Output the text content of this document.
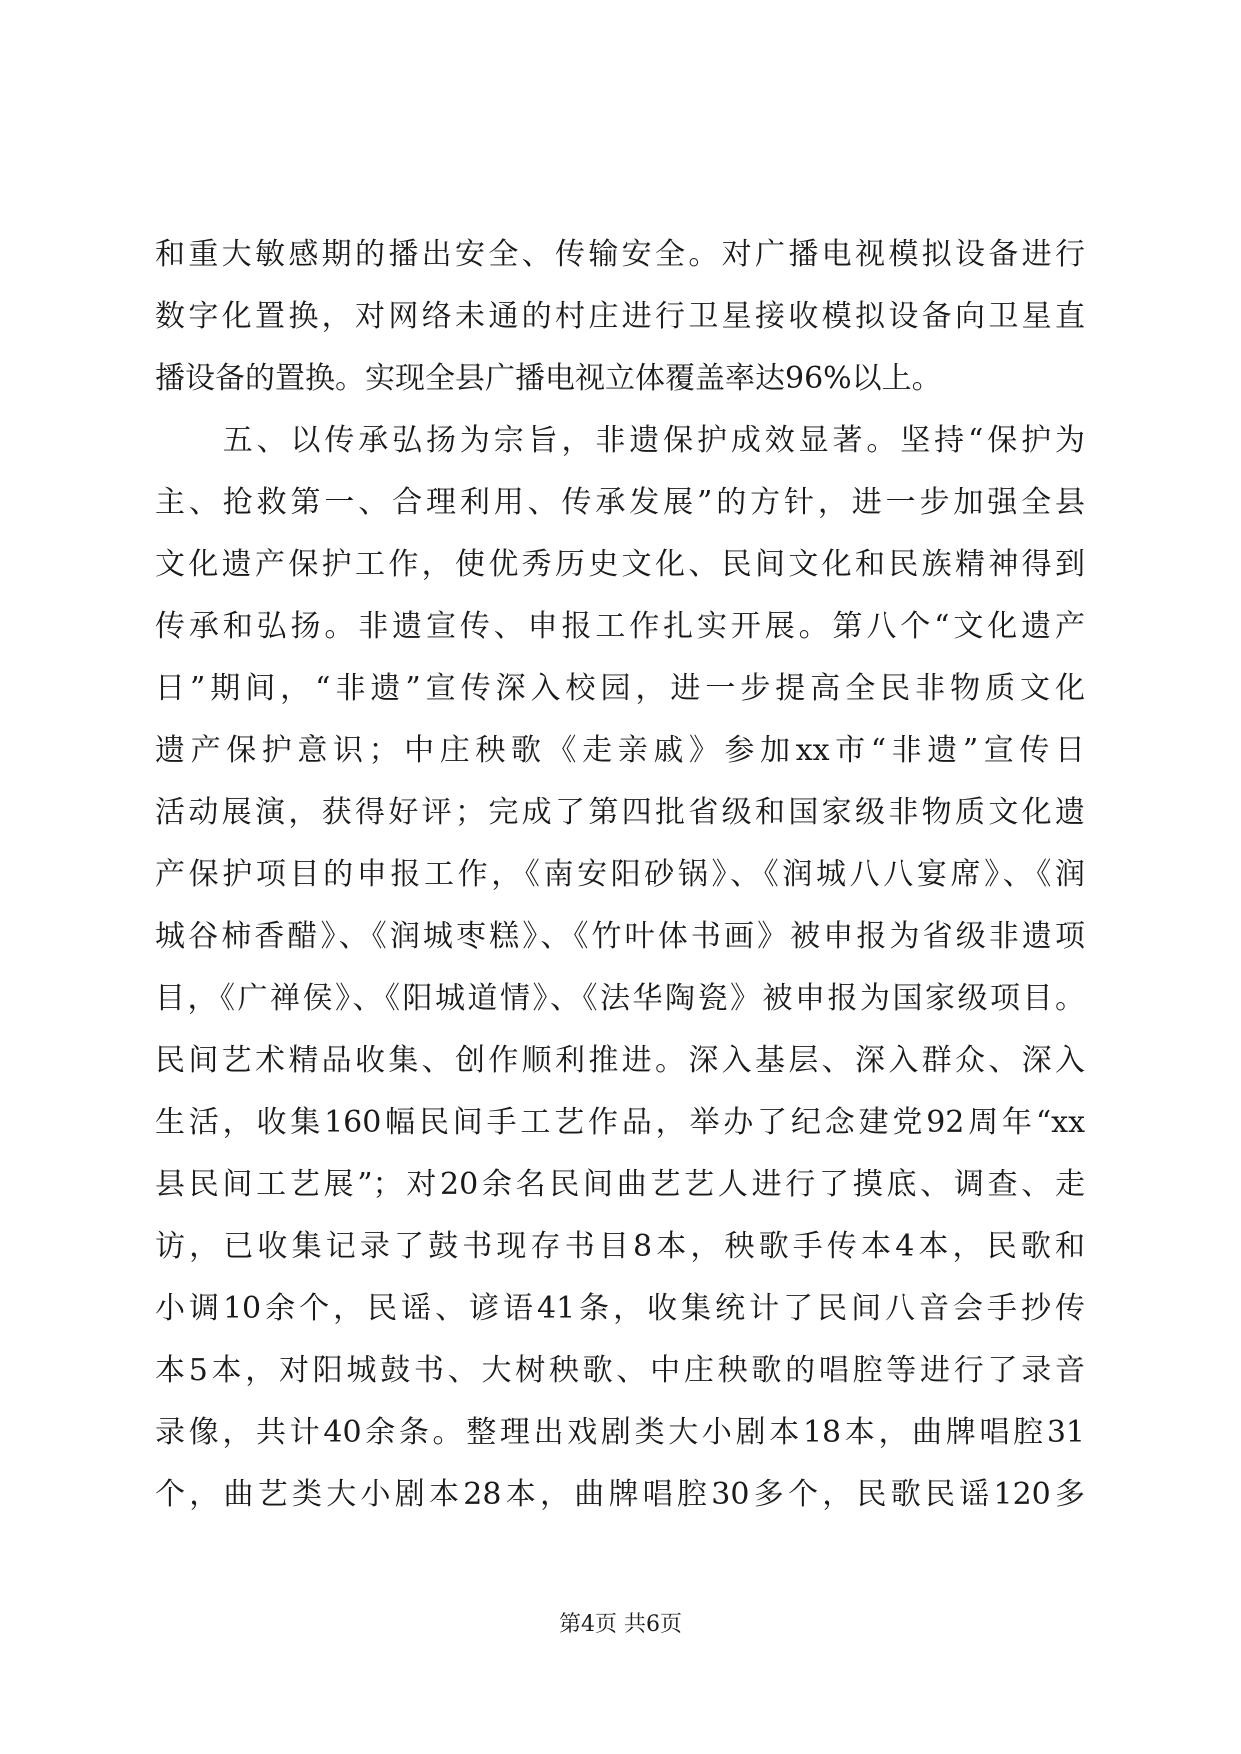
和重大敏感期的播出安全、传输安全。对广播电视模拟设备进行
数字化置换，对网络未通的村庄进行卫星接收模拟设备向卫星直
播设备的置换。实现全县广播电视立体覆盖率达96%以上。
　　五、以传承弘扬为宗旨，非遗保护成效显著。坚持“保护为
主、抢救第一、合理利用、传承发展”的方针，进一步加强全县
文化遗产保护工作，使优秀历史文化、民间文化和民族精神得到
传承和弘扬。非遗宣传、申报工作扎实开展。第八个“文化遗产
日”期间，“非遗”宣传深入校园，进一步提高全民非物质文化
遗产保护意识；中庄秧歌《走亲戚》参加xx市“非遗”宣传日
活动展演，获得好评；完成了第四批省级和国家级非物质文化遗
产保护项目的申报工作，《南安阳砂锅》、《润城八八宴席》、《润
城谷柿香醋》、《润城枣糕》、《竹叶体书画》被申报为省级非遗项
目，《广禅侯》、《阳城道情》、《法华陶瓷》被申报为国家级项目。
民间艺术精品收集、创作顺利推进。深入基层、深入群众、深入
生活，收集160幅民间手工艺作品，举办了纪念建党92周年“xx
县民间工艺展”；对20余名民间曲艺艺人进行了摸底、调查、走
访，已收集记录了鼓书现存书目8本，秧歌手传本4本，民歌和
小调10余个，民谣、谚语41条，收集统计了民间八音会手抄传
本5本，对阳城鼓书、大树秧歌、中庄秧歌的唱腔等进行了录音
录像，共计40余条。整理出戏剧类大小剧本18本，曲牌唱腔31
个，曲艺类大小剧本28本，曲牌唱腔30多个，民歌民谣120多
第4页 共6页
